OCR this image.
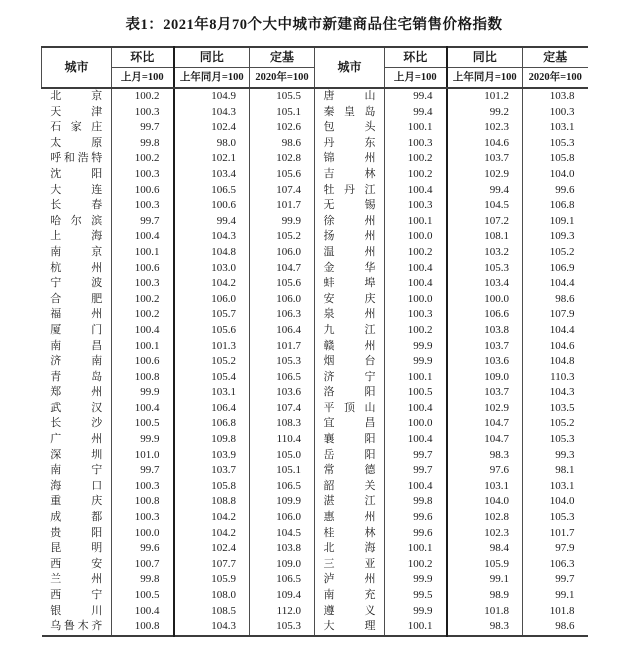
表1：2021年8月70个大中城市新建商品住宅销售价格指数
城市	环比	同比	定基	城市	环比	同比	定基
	上月=100	上年同月=100	2020年=100		上月=100	上年同月=100	2020年=100
北京	100.2	104.9	105.5	唐山	99.4	101.2	103.8
天津	100.3	104.3	105.1	秦皇岛	99.4	99.2	100.3
石家庄	99.7	102.4	102.6	包头	100.1	102.3	103.1
太原	99.8	98.0	98.6	丹东	100.3	104.6	105.3
呼和浩特	100.2	102.1	102.8	锦州	100.2	103.7	105.8
沈阳	100.3	103.4	105.6	吉林	100.2	102.9	104.0
大连	100.6	106.5	107.4	牡丹江	100.4	99.4	99.6
长春	100.3	100.6	101.7	无锡	100.3	104.5	106.8
哈尔滨	99.7	99.4	99.9	徐州	100.1	107.2	109.1
上海	100.4	104.3	105.2	扬州	100.0	108.1	109.3
南京	100.1	104.8	106.0	温州	100.2	103.2	105.2
杭州	100.6	103.0	104.7	金华	100.4	105.3	106.9
宁波	100.3	104.2	105.6	蚌埠	100.4	103.4	104.4
合肥	100.2	106.0	106.0	安庆	100.0	100.0	98.6
福州	100.2	105.7	106.3	泉州	100.3	106.6	107.9
厦门	100.4	105.6	106.4	九江	100.2	103.8	104.4
南昌	100.1	101.3	101.7	赣州	99.9	103.7	104.6
济南	100.6	105.2	105.3	烟台	99.9	103.6	104.8
青岛	100.8	105.4	106.5	济宁	100.1	109.0	110.3
郑州	99.9	103.1	103.6	洛阳	100.5	103.7	104.3
武汉	100.4	106.4	107.4	平顶山	100.4	102.9	103.5
长沙	100.5	106.8	108.3	宜昌	100.0	104.7	105.2
广州	99.9	109.8	110.4	襄阳	100.4	104.7	105.3
深圳	101.0	103.9	105.0	岳阳	99.7	98.3	99.3
南宁	99.7	103.7	105.1	常德	99.7	97.6	98.1
海口	100.3	105.8	106.5	韶关	100.4	103.1	103.1
重庆	100.8	108.8	109.9	湛江	99.8	104.0	104.0
成都	100.3	104.2	106.0	惠州	99.6	102.8	105.3
贵阳	100.0	104.2	104.5	桂林	99.6	102.3	101.7
昆明	99.6	102.4	103.8	北海	100.1	98.4	97.9
西安	100.7	107.7	109.0	三亚	100.2	105.9	106.3
兰州	99.8	105.9	106.5	泸州	99.9	99.1	99.7
西宁	100.5	108.0	109.4	南充	99.5	98.9	99.1
银川	100.4	108.5	112.0	遵义	99.9	101.8	101.8
乌鲁木齐	100.8	104.3	105.3	大理	100.1	98.3	98.6
